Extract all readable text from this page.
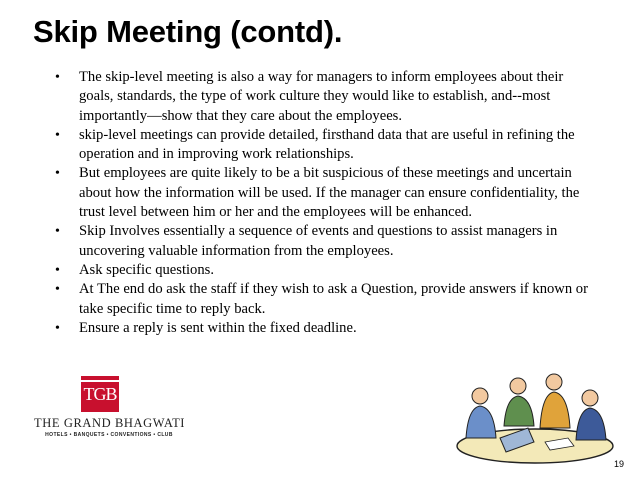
Skip Meeting (contd).
• The skip-level meeting is also a way for managers to inform employees about their goals, standards, the type of work culture they would like to establish, and--most importantly—show that they care about the employees.
• skip-level meetings can provide detailed, firsthand data that are useful in refining the operation and in improving work relationships.
• But employees are quite likely to be a bit suspicious of these meetings and uncertain about how the information will be used. If the manager can ensure confidentiality, the trust level between him or her and the employees will be enhanced.
• Skip Involves essentially a sequence of events and questions to assist managers in uncovering valuable information from the employees.
• Ask specific questions.
• At The end do ask the staff if they wish to ask a Question, provide answers if known or take specific time to reply back.
• Ensure a reply is sent within the fixed deadline.
TGB
THE GRAND BHAGWATI
HOTELS • BANQUETS • CONVENTIONS • CLUB
19
